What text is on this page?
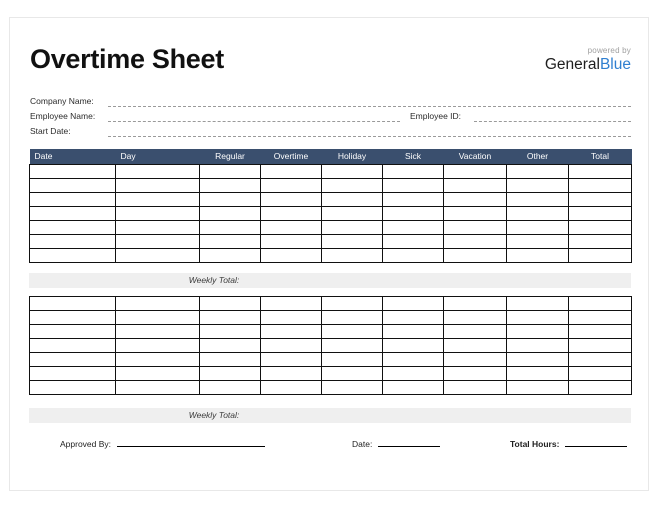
Overtime Sheet	powered by
GeneralBlue
Company Name:
Employee Name:	Employee ID:
Start Date:
Date	Day	Regular	Overtime	Holiday	Sick	Vacation	Other	Total

Weekly Total:

Weekly Total:
Approved By:	Date:	Total Hours:
